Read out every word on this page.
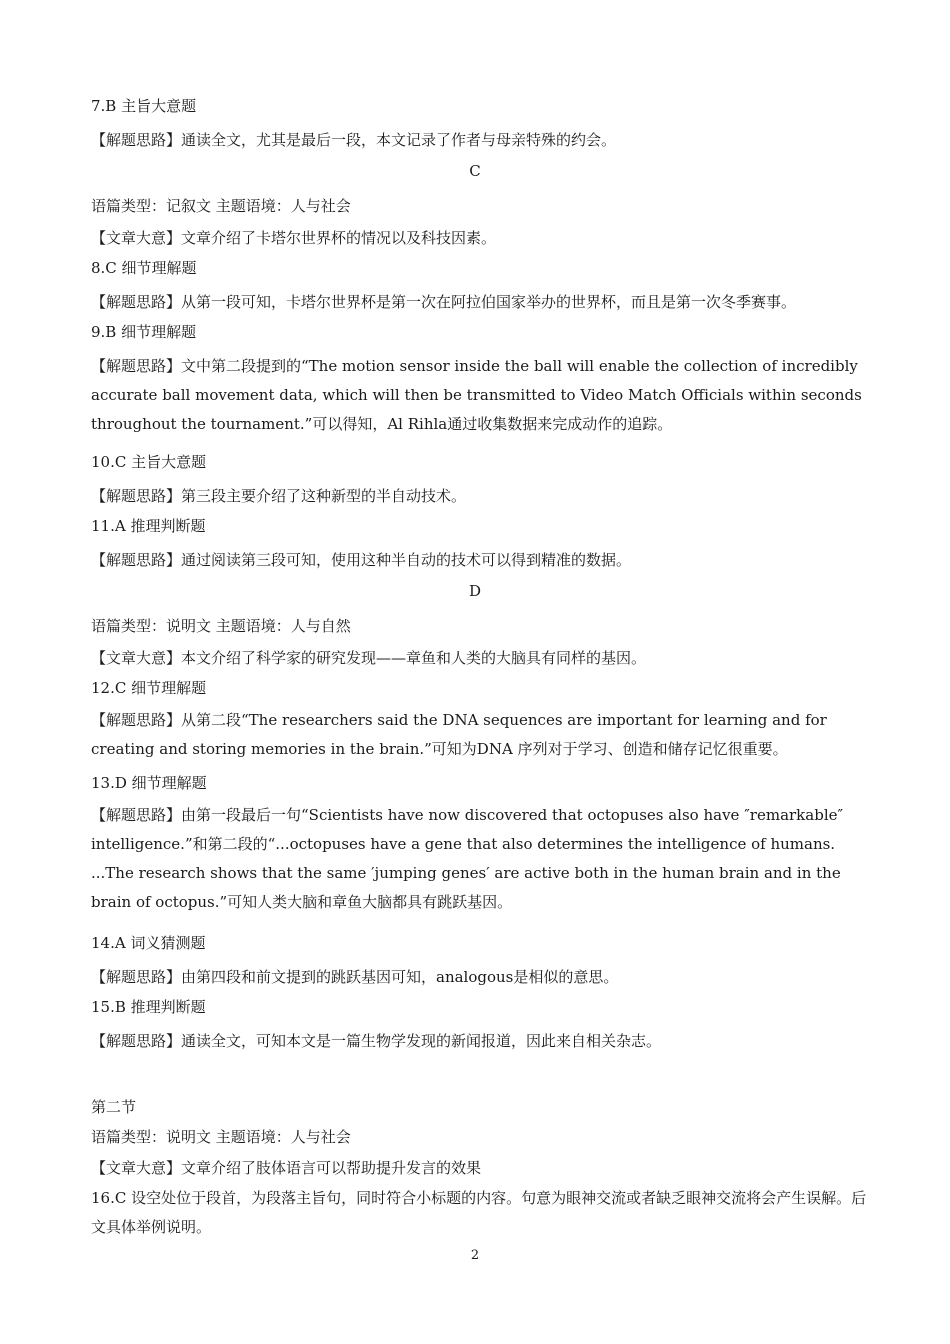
7.B 主旨大意题
【解题思路】通读全文，尤其是最后一段，本文记录了作者与母亲特殊的约会。
C
语篇类型：记叙文 主题语境：人与社会
【文章大意】文章介绍了卡塔尔世界杯的情况以及科技因素。
8.C 细节理解题
【解题思路】从第一段可知，卡塔尔世界杯是第一次在阿拉伯国家举办的世界杯，而且是第一次冬季赛事。
9.B 细节理解题
【解题思路】文中第二段提到的“The motion sensor inside the ball will enable the collection of incredibly accurate ball movement data, which will then be transmitted to Video Match Officials within seconds throughout the tournament.”可以得知，Al Rihla通过收集数据来完成动作的追踪。
10.C 主旨大意题
【解题思路】第三段主要介绍了这种新型的半自动技术。
11.A 推理判断题
【解题思路】通过阅读第三段可知，使用这种半自动的技术可以得到精准的数据。
D
语篇类型：说明文 主题语境：人与自然
【文章大意】本文介绍了科学家的研究发现——章鱼和人类的大脑具有同样的基因。
12.C 细节理解题
【解题思路】从第二段“The researchers said the DNA sequences are important for learning and for creating and storing memories in the brain.”可知为DNA 序列对于学习、创造和储存记忆很重要。
13.D 细节理解题
【解题思路】由第一段最后一句“Scientists have now discovered that octopuses also have ″remarkable″ intelligence.”和第二段的“...octopuses have a gene that also determines the intelligence of humans. ...The research shows that the same ′jumping genes′ are active both in the human brain and in the brain of octopus.”可知人类大脑和章鱼大脑都具有跳跃基因。
14.A 词义猜测题
【解题思路】由第四段和前文提到的跳跃基因可知，analogous是相似的意思。
15.B 推理判断题
【解题思路】通读全文，可知本文是一篇生物学发现的新闻报道，因此来自相关杂志。
第二节
语篇类型：说明文 主题语境：人与社会
【文章大意】文章介绍了肢体语言可以帮助提升发言的效果
16.C 设空处位于段首，为段落主旨句，同时符合小标题的内容。句意为眼神交流或者缺乏眼神交流将会产生误解。后文具体举例说明。
2
